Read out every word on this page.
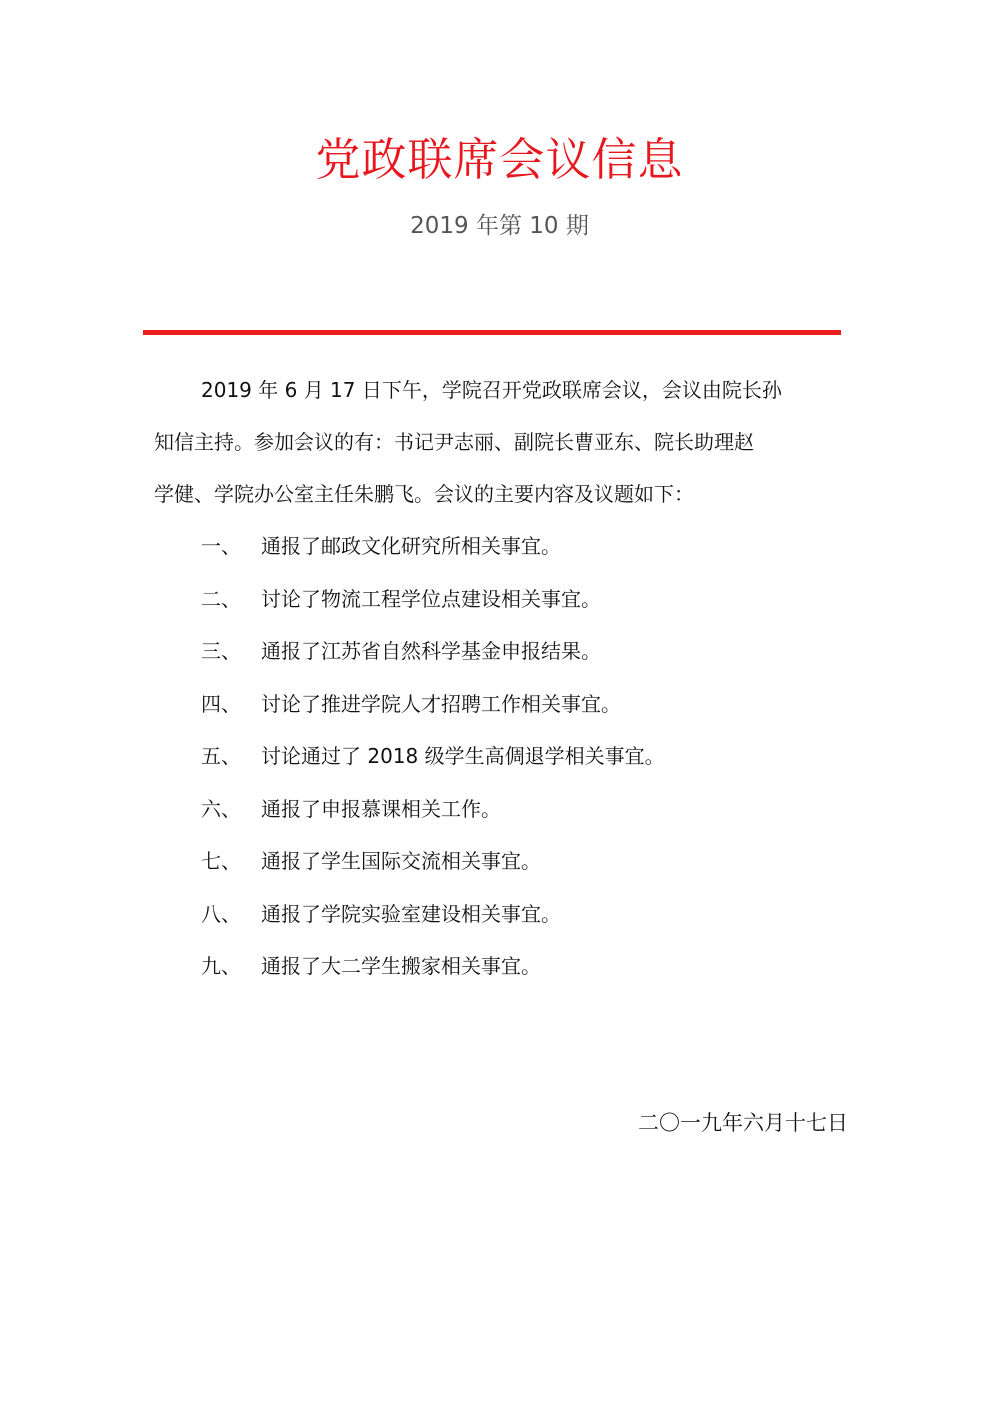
党政联席会议信息
2019 年第 10 期
2019 年 6 月 17 日下午，学院召开党政联席会议，会议由院长孙
知信主持。参加会议的有：书记尹志丽、副院长曹亚东、院长助理赵
学健、学院办公室主任朱鹏飞。会议的主要内容及议题如下：
一、 通报了邮政文化研究所相关事宜。
二、 讨论了物流工程学位点建设相关事宜。
三、 通报了江苏省自然科学基金申报结果。
四、 讨论了推进学院人才招聘工作相关事宜。
五、 讨论通过了 2018 级学生高倜退学相关事宜。
六、 通报了申报慕课相关工作。
七、 通报了学生国际交流相关事宜。
八、 通报了学院实验室建设相关事宜。
九、 通报了大二学生搬家相关事宜。
二〇一九年六月十七日
